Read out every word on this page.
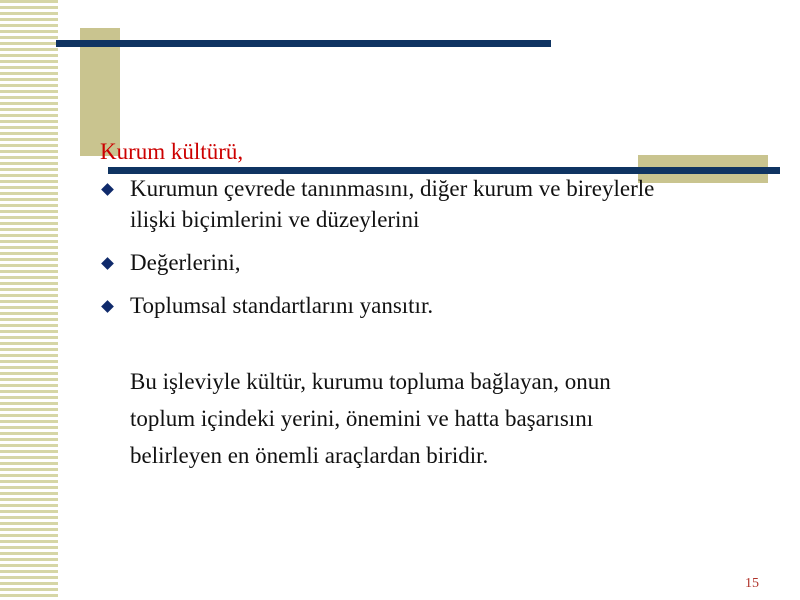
Kurum kültürü,
Kurumun çevrede tanınmasını, diğer kurum ve bireylerle ilişki biçimlerini ve düzeylerini
Değerlerini,
Toplumsal standartlarını yansıtır.
Bu işleviyle kültür, kurumu topluma bağlayan, onun toplum içindeki yerini, önemini ve hatta başarısını belirleyen en önemli araçlardan biridir.
15
